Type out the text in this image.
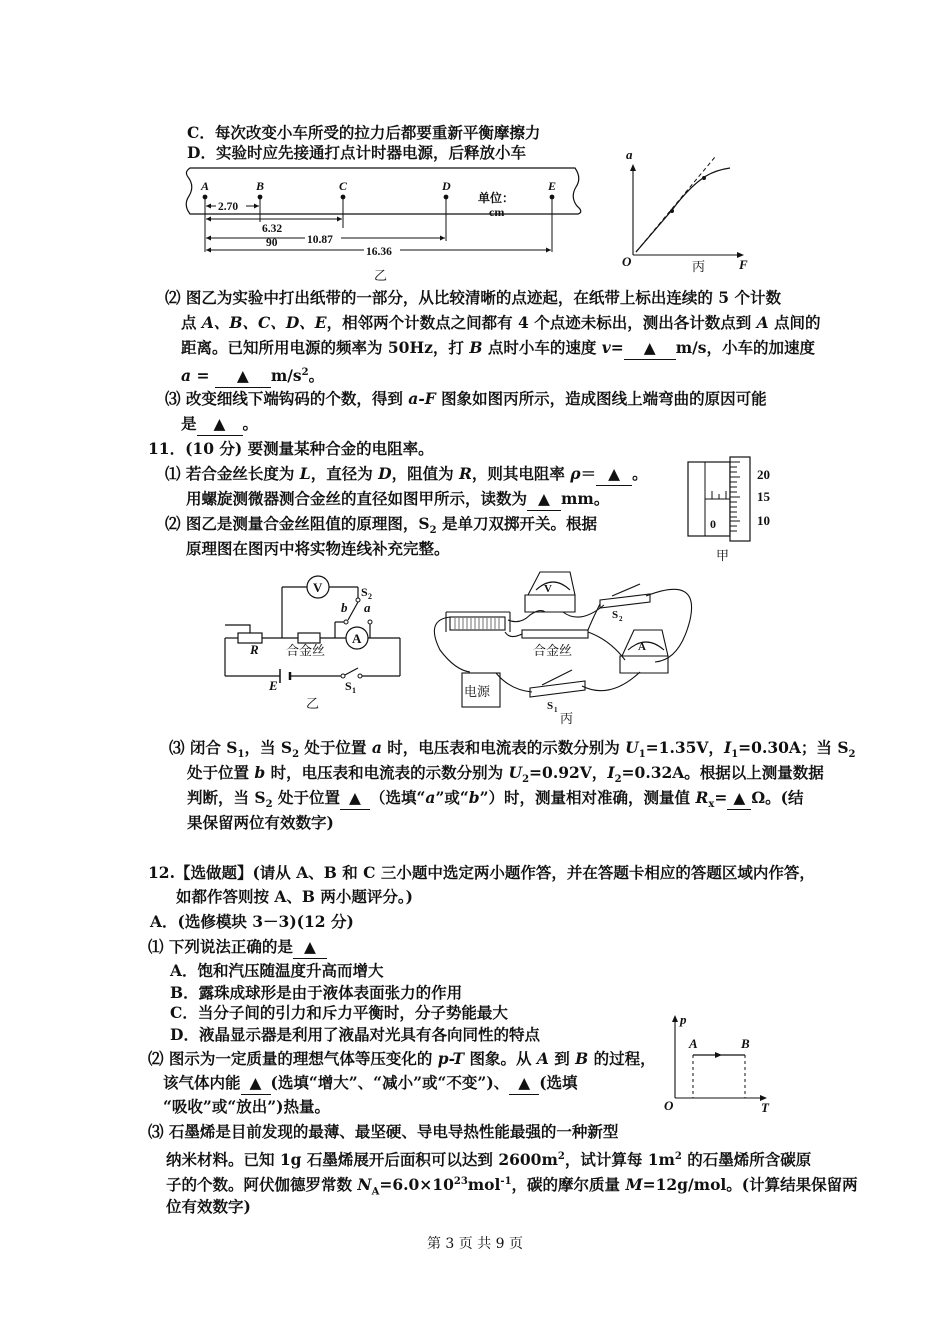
C．每次改变小车所受的拉力后都要重新平衡摩擦力
D．实验时应先接通打点计时器电源，后释放小车
A	B	C	D	E
单位：
cm
2.70
6.32
90	10.87
16.36
乙
a
F
O	丙
⑵ 图乙为实验中打出纸带的一部分，从比较清晰的点迹起，在纸带上标出连续的 5 个计数
点 A、B、C、D、E，相邻两个计数点之间都有 4 个点迹未标出，测出各计数点到 A 点间的
距离。已知所用电源的频率为 50Hz，打 B 点时小车的速度 v= ▲ m/s，小车的加速度
a = ▲ $m/s^2$。
⑶ 改变细线下端钩码的个数，得到 a-F 图象如图丙所示，造成图线上端弯曲的原因可能
是 ▲ 。
11．(10 分) 要测量某种合金的电阻率。
⑴ 若合金丝长度为 L，直径为 D，阻值为 R，则其电阻率 ρ＝ ▲ 。
用螺旋测微器测合金丝的直径如图甲所示，读数为 ▲ mm。
⑵ 图乙是测量合金丝阻值的原理图，$S_2$ 是单刀双掷开关。根据
原理图在图丙中将实物连线补充完整。
0
20
15
10
甲
V
A
R 合金丝
E
S 2
b a
S 1
乙
V
A
S 2
S 1
合金丝
电源
丙
⑶ 闭合 $S_1$，当 $S_2$ 处于位置 a 时，电压表和电流表的示数分别为 $U_1=1.35V$，$I_1=0.30A$；当 $S_2$
处于位置 b 时，电压表和电流表的示数分别为 $U_2=0.92V$，$I_2=0.32A$。根据以上测量数据
判断，当 $S_2$ 处于位置 ▲ （选填“a”或“b”）时，测量相对准确，测量值 $R_x=$ ▲ Ω。(结
果保留两位有效数字)
12.【选做题】(请从 A、B 和 C 三小题中选定两小题作答，并在答题卡相应的答题区域内作答，
如都作答则按 A、B 两小题评分。)
A．(选修模块 3－3)(12 分)
⑴ 下列说法正确的是 ▲
A．饱和汽压随温度升高而增大
B．露珠成球形是由于液体表面张力的作用
C．当分子间的引力和斥力平衡时，分子势能最大
D．液晶显示器是利用了液晶对光具有各向同性的特点
⑵ 图示为一定质量的理想气体等压变化的 p-T 图象。从 A 到 B 的过程，
该气体内能 ▲ (选填“增大”、“减小”或“不变”)、 ▲ (选填
“吸收”或“放出”)热量。
p
T
O
A	B
⑶ 石墨烯是目前发现的最薄、最坚硬、导电导热性能最强的一种新型
纳米材料。已知 1g 石墨烯展开后面积可以达到 $2600m^2$，试计算每 $1m^2$ 的石墨烯所含碳原
子的个数。阿伏伽德罗常数 $N_A=6.0\times 10^{23}mol^{-1}$，碳的摩尔质量 M=12g/mol。(计算结果保留两
位有效数字)
第 3 页 共 9 页
